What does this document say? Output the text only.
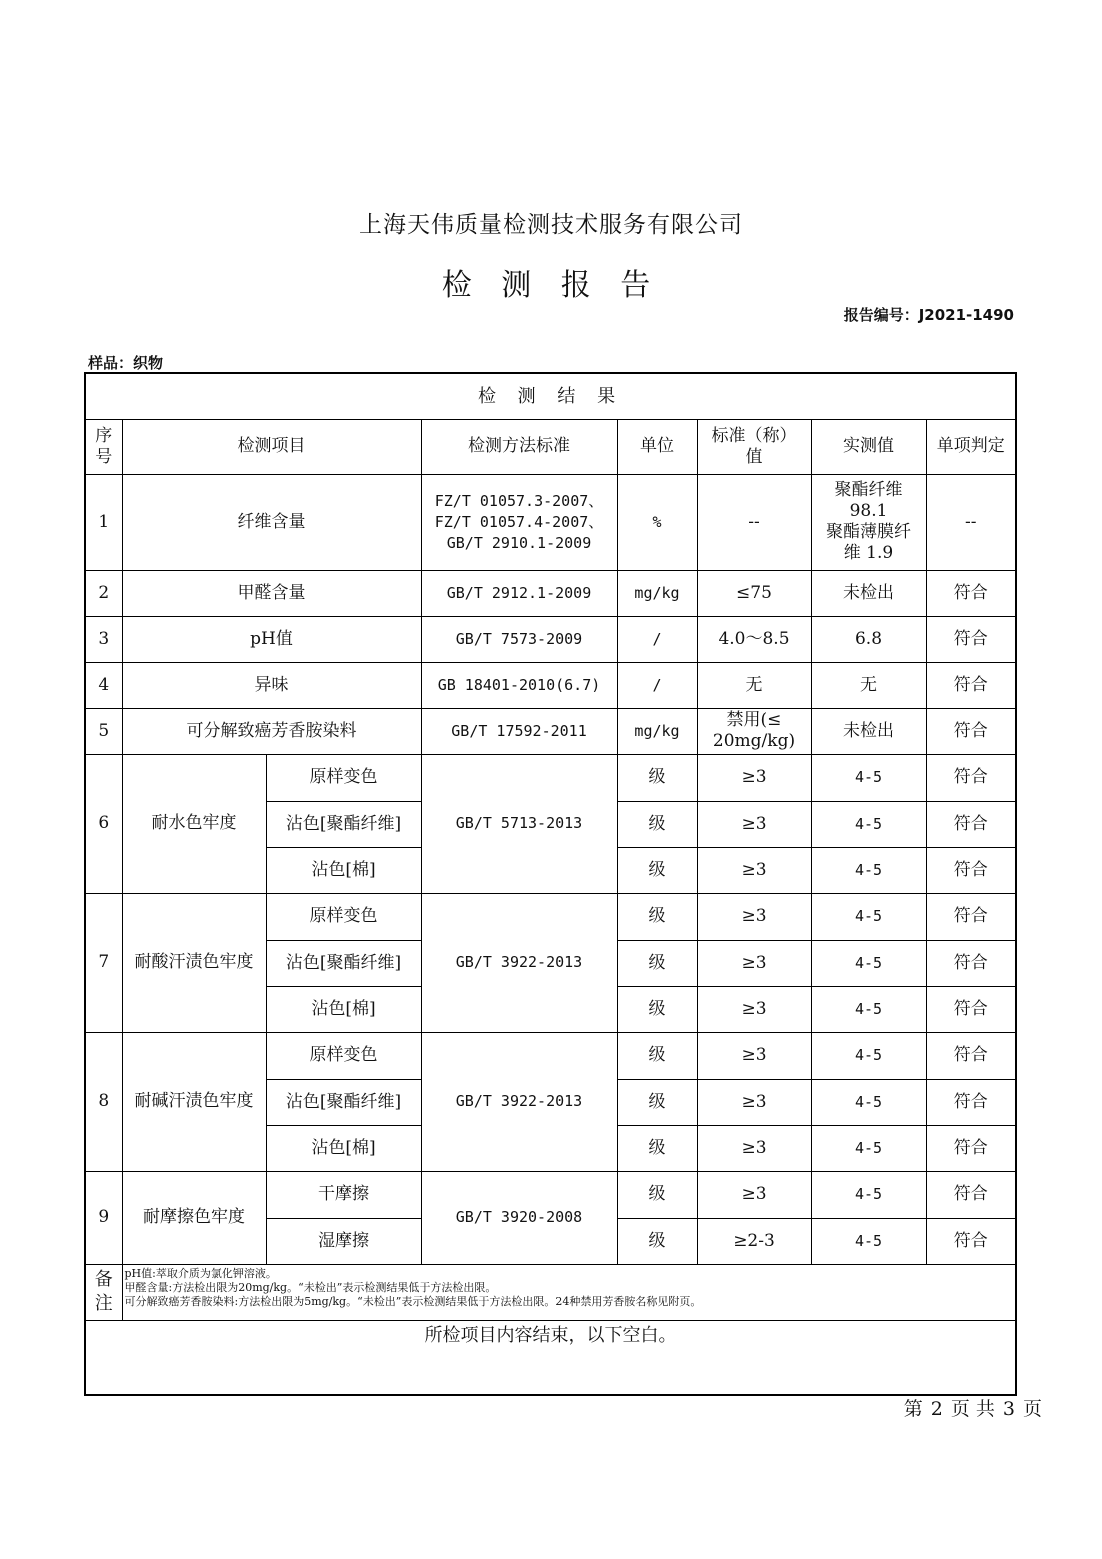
上海天伟质量检测技术服务有限公司
检 测 报 告
报告编号：J2021-1490
样品：织物
检 测 结 果							
序号	检测项目		检测方法标准	单位	标准（称）值	实测值	单项判定
1	纤维含量		FZ/T 01057.3-2007、
FZ/T 01057.4-2007、
GB/T 2910.1-2009	%	--	聚酯纤维
98.1
聚酯薄膜纤
维 1.9	--
2	甲醛含量		GB/T 2912.1-2009	mg/kg	≤75	未检出	符合
3	pH值		GB/T 7573-2009	/	4.0～8.5	6.8	符合
4	异味		GB 18401-2010(6.7)	/	无	无	符合
5	可分解致癌芳香胺染料		GB/T 17592-2011	mg/kg	禁用(≤
20mg/kg)	未检出	符合
6	耐水色牢度	原样变色	GB/T 5713-2013	级	≥3	4-5	符合
		沾色[聚酯纤维]		级	≥3	4-5	符合
		沾色[棉]		级	≥3	4-5	符合
7	耐酸汗渍色牢度	原样变色	GB/T 3922-2013	级	≥3	4-5	符合
		沾色[聚酯纤维]		级	≥3	4-5	符合
		沾色[棉]		级	≥3	4-5	符合
8	耐碱汗渍色牢度	原样变色	GB/T 3922-2013	级	≥3	4-5	符合
		沾色[聚酯纤维]		级	≥3	4-5	符合
		沾色[棉]		级	≥3	4-5	符合
9	耐摩擦色牢度	干摩擦	GB/T 3920-2008	级	≥3	4-5	符合
		湿摩擦		级	≥2-3	4-5	符合
备注	pH值:萃取介质为氯化钾溶液。
甲醛含量:方法检出限为20mg/kg。“未检出”表示检测结果低于方法检出限。
可分解致癌芳香胺染料:方法检出限为5mg/kg。“未检出”表示检测结果低于方法检出限。24种禁用芳香胺名称见附页。						

所检项目内容结束，以下空白。							
第 2 页 共 3 页
